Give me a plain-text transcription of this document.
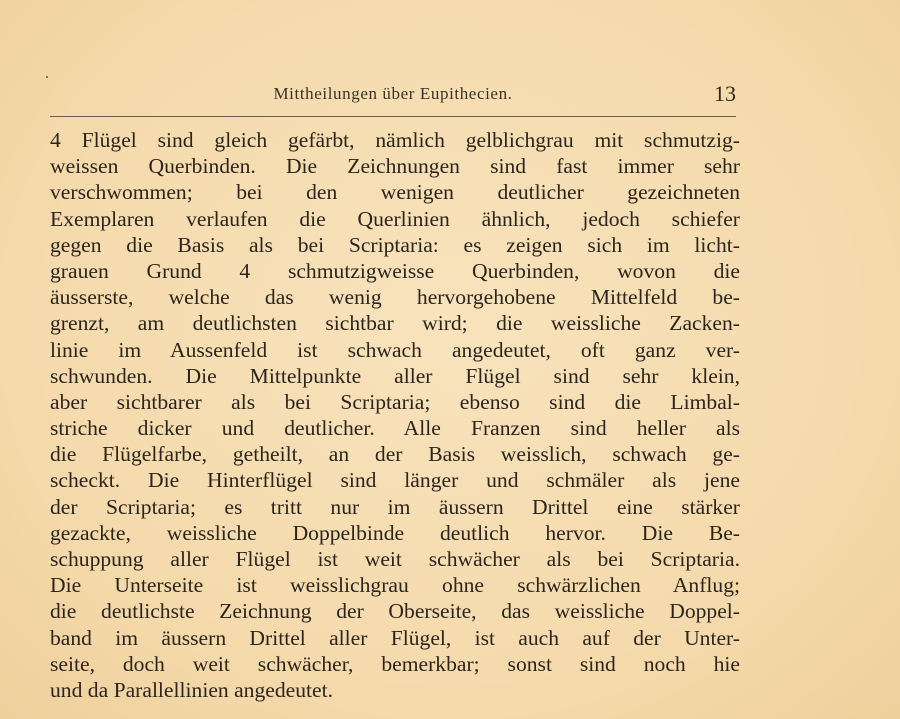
Mittheilungen über Eupithecien.	13
4 Flügel sind gleich gefärbt, nämlich gelblichgrau mit schmutzig-
weissen Querbinden. Die Zeichnungen sind fast immer sehr
verschwommen; bei den wenigen deutlicher gezeichneten
Exemplaren verlaufen die Querlinien ähnlich, jedoch schiefer
gegen die Basis als bei Scriptaria: es zeigen sich im licht-
grauen Grund 4 schmutzigweisse Querbinden, wovon die
äusserste, welche das wenig hervorgehobene Mittelfeld be-
grenzt, am deutlichsten sichtbar wird; die weissliche Zacken-
linie im Aussenfeld ist schwach angedeutet, oft ganz ver-
schwunden. Die Mittelpunkte aller Flügel sind sehr klein,
aber sichtbarer als bei Scriptaria; ebenso sind die Limbal-
striche dicker und deutlicher. Alle Franzen sind heller als
die Flügelfarbe, getheilt, an der Basis weisslich, schwach ge-
scheckt. Die Hinterflügel sind länger und schmäler als jene
der Scriptaria; es tritt nur im äussern Drittel eine stärker
gezackte, weissliche Doppelbinde deutlich hervor. Die Be-
schuppung aller Flügel ist weit schwächer als bei Scriptaria.
Die Unterseite ist weisslichgrau ohne schwärzlichen Anflug;
die deutlichste Zeichnung der Oberseite, das weissliche Doppel-
band im äussern Drittel aller Flügel, ist auch auf der Unter-
seite, doch weit schwächer, bemerkbar; sonst sind noch hie
und da Parallellinien angedeutet.
